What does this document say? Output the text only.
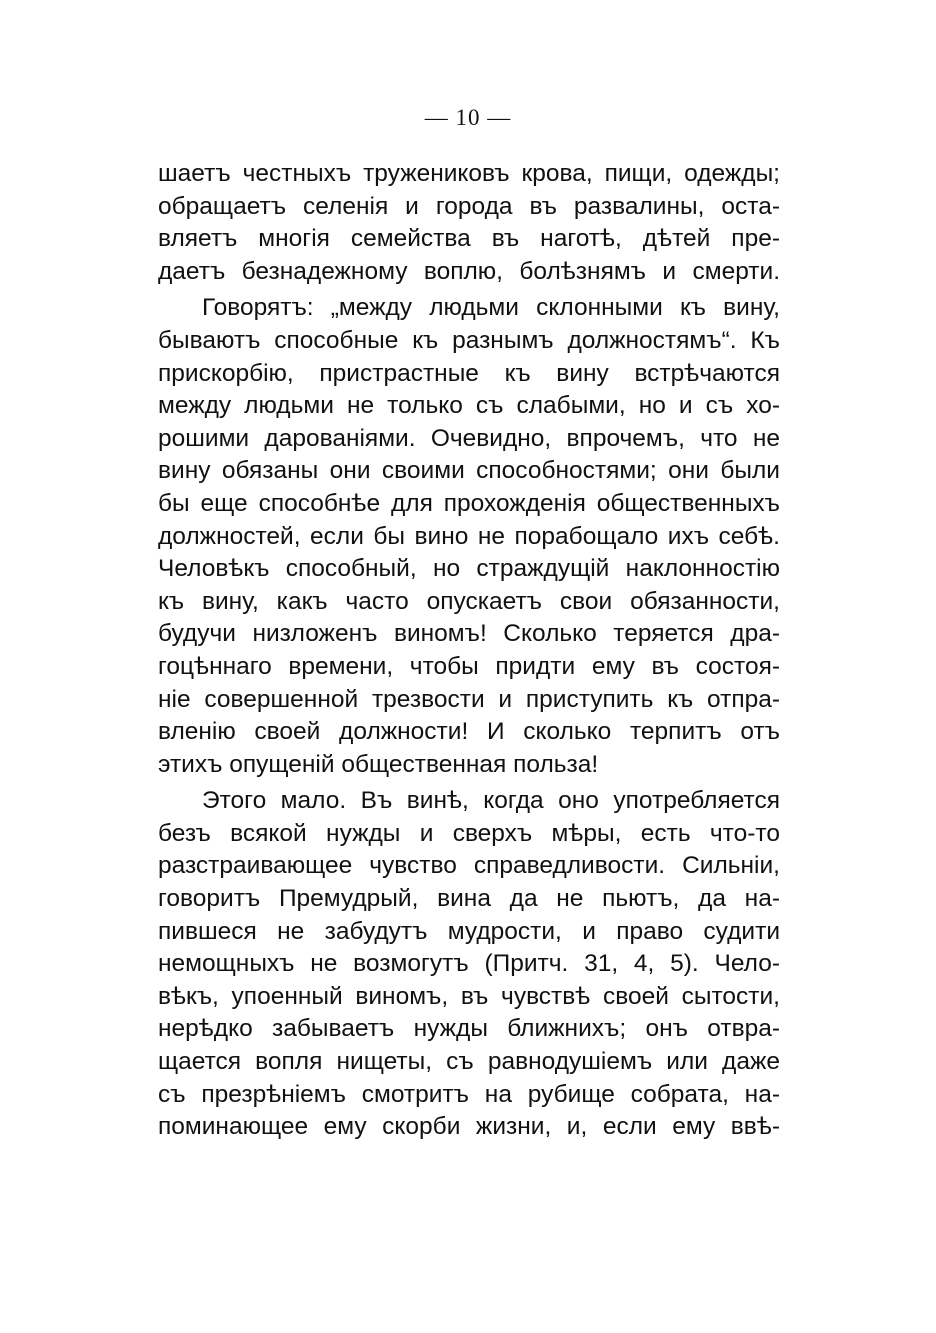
— 10 —
шаетъ честныхъ тружениковъ крова, пищи, одежды;
обращаетъ селенія и города въ развалины, оста-
вляетъ многія семейства въ наготѣ, дѣтей пре-
даетъ безнадежному воплю, болѣзнямъ и смерти.
Говорятъ: „между людьми склонными къ вину,
бываютъ способные къ разнымъ должностямъ“. Къ
прискорбію, пристрастные къ вину встрѣчаются
между людьми не только съ слабыми, но и съ хо-
рошими дарованіями. Очевидно, впрочемъ, что не
вину обязаны они своими способностями; они были
бы еще способнѣе для прохожденія общественныхъ
должностей, если бы вино не порабощало ихъ себѣ.
Человѣкъ способный, но страждущій наклонностію
къ вину, какъ часто опускаетъ свои обязанности,
будучи низложенъ виномъ! Сколько теряется дра-
гоцѣннаго времени, чтобы придти ему въ состоя-
ніе совершенной трезвости и приступить къ отпра-
вленію своей должности! И сколько терпитъ отъ
этихъ опущеній общественная польза!
Этого мало. Въ винѣ, когда оно употребляется
безъ всякой нужды и сверхъ мѣры, есть что-то
разстраивающее чувство справедливости. Сильніи,
говоритъ Премудрый, вина да не пьютъ, да на-
пившеся не забудутъ мудрости, и право судити
немощныхъ не возмогутъ (Притч. 31, 4, 5). Чело-
вѣкъ, упоенный виномъ, въ чувствѣ своей сытости,
нерѣдко забываетъ нужды ближнихъ; онъ отвра-
щается вопля нищеты, съ равнодушіемъ или даже
съ презрѣніемъ смотритъ на рубище собрата, на-
поминающее ему скорби жизни, и, если ему ввѣ-
